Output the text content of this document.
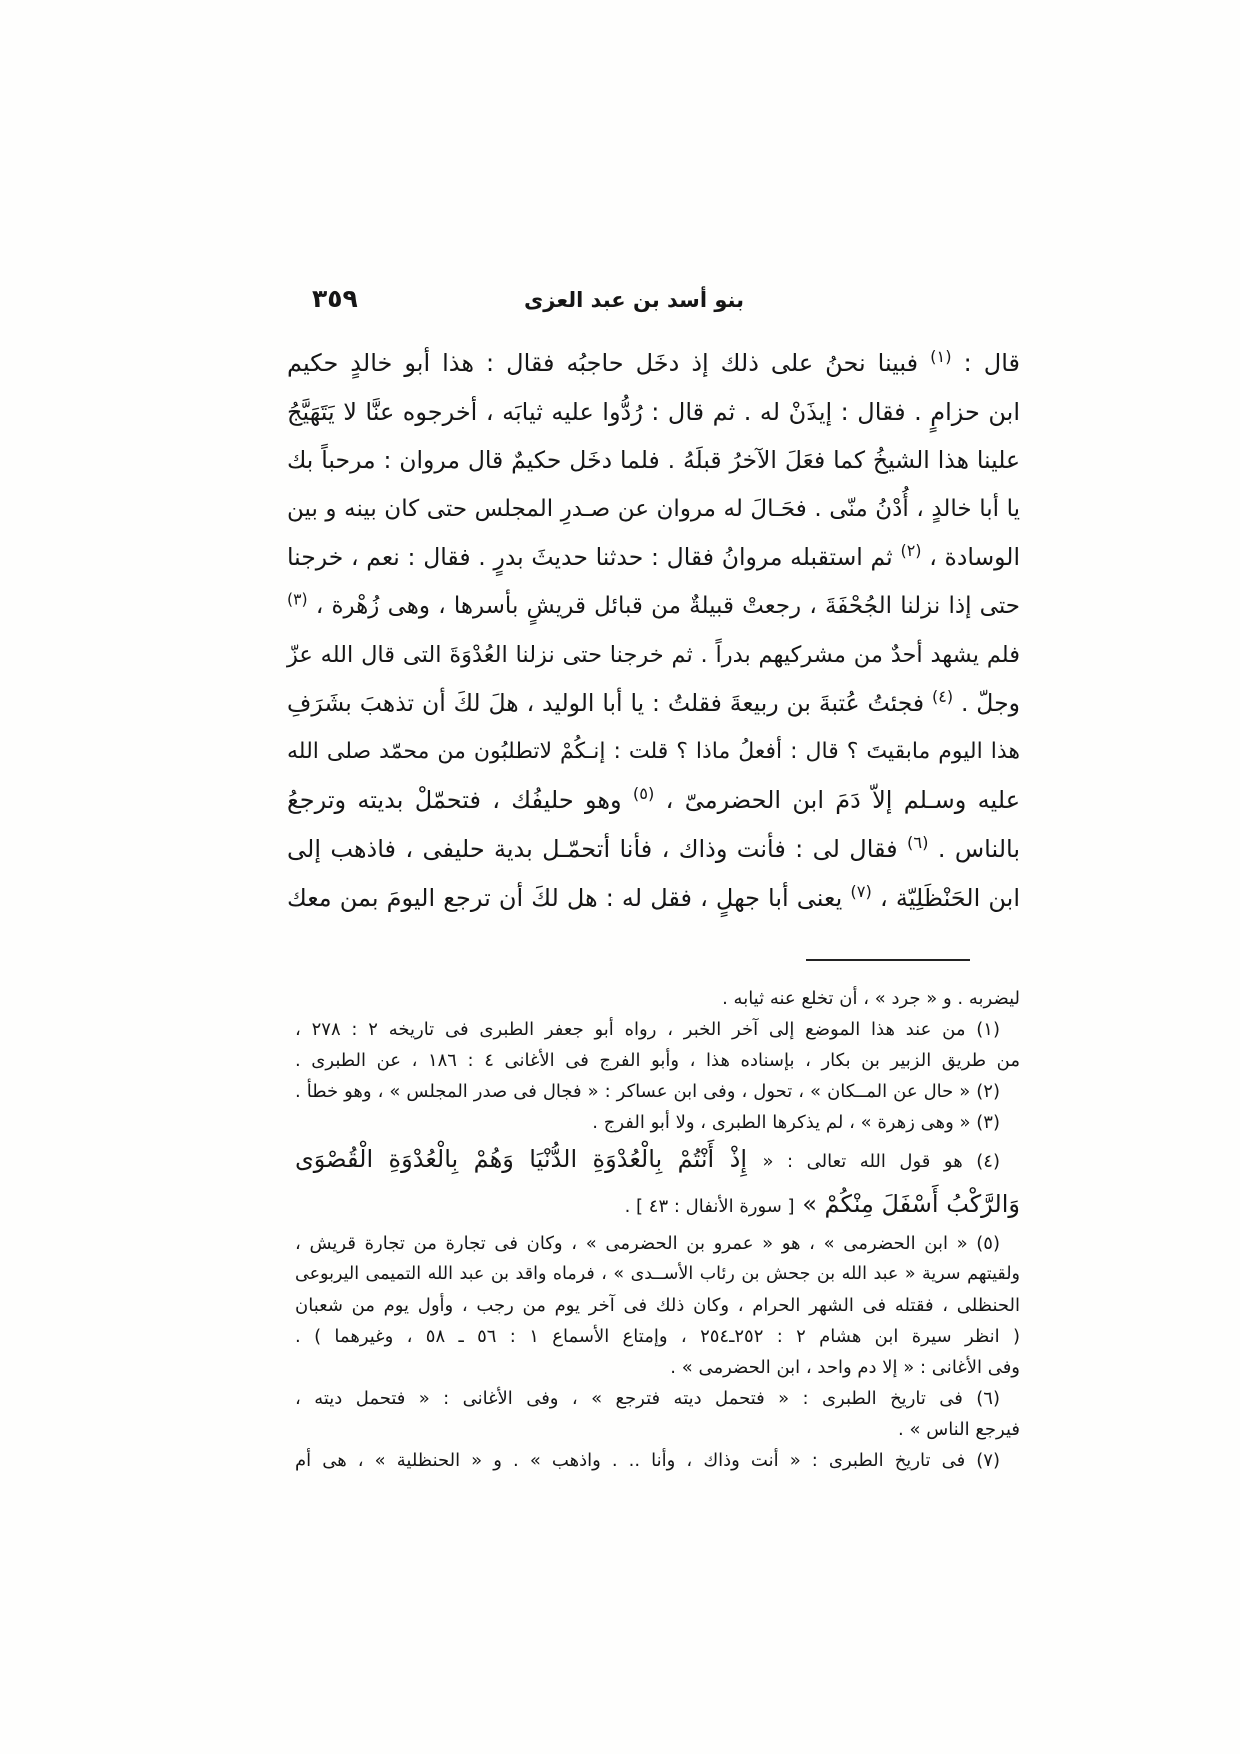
٣٥٩	بنو أسد بن عبد العزى
قال : $^{(١)}$ فبينا نحنُ على ذلك إذ دخَل حاجبُه فقال : هذا أبو خالدٍ حكيم
ابن حزامٍ . فقال : إيذَنْ له . ثم قال : رُدُّوا عليه ثيابَه ، أخرجوه عنَّا لا يَتَهَيَّجُ
علينا هذا الشيخُ كما فعَلَ الآخرُ قبلَهُ . فلما دخَل حكيمٌ قال مروان : مرحباً بك
يا أبا خالدٍ ، أُدْنُ منّى . فحَـالَ له مروان عن صـدرِ المجلس حتى كان بينه و بين
الوسادة ، $^{(٢)}$ ثم استقبله مروانُ فقال : حدثنا حديثَ بدرٍ . فقال : نعم ، خرجنا
حتى إذا نزلنا الجُحْفَةَ ، رجعتْ قبيلةٌ من قبائل قريشٍ بأسرها ، وهى زُهْرة ، $^{(٣)}$
فلم يشهد أحدٌ من مشركيهم بدراً . ثم خرجنا حتى نزلنا العُدْوَةَ التى قال الله عزّ
وجلّ . $^{(٤)}$ فجئتُ عُتبةَ بن ربيعةَ فقلتُ : يا أبا الوليد ، هلَ لكَ أن تذهبَ بشَرَفِ
هذا اليوم مابقيتَ ؟ قال : أفعلُ ماذا ؟ قلت : إنـكُمْ لاتطلبُون من محمّد صلى الله
عليه وسـلم إلاّ دَمَ ابن الحضرمىّ ، $^{(٥)}$ وهو حليفُك ، فتحمّلْ بديته وترجعُ
بالناس . $^{(٦)}$ فقال لى : فأنت وذاك ، فأنا أتحمّـل بدية حليفى ، فاذهب إلى
ابن الحَنْظَلِيّة ، $^{(٧)}$ يعنى أبا جهلٍ ، فقل له : هل لكَ أن ترجع اليومَ بمن معك
ليضربه . و « جرد » ، أن تخلع عنه ثيابه .
(١) من عند هذا الموضع إلى آخر الخبر ، رواه أبو جعفر الطبرى فى تاريخه ٢ : ٢٧٨ ،
من طريق الزبير بن بكار ، بإسناده هذا ، وأبو الفرج فى الأغانى ٤ : ١٨٦ ، عن الطبرى .
(٢) « حال عن المــكان » ، تحول ، وفى ابن عساكر : « فجال فى صدر المجلس » ، وهو خطأ .
(٣) « وهى زهرة » ، لم يذكرها الطبرى ، ولا أبو الفرج .
(٤) هو قول الله تعالى : « إِذْ أَنْتُمْ بِالْعُدْوَةِ الدُّنْيَا وَهُمْ بِالْعُدْوَةِ الْقُصْوَى
وَالرَّكْبُ أَسْفَلَ مِنْكُمْ » [ سورة الأنفال : ٤٣ ] .
(٥) « ابن الحضرمى » ، هو « عمرو بن الحضرمى » ، وكان فى تجارة من تجارة قريش ،
ولقيتهم سرية « عبد الله بن جحش بن رئاب الأســدى » ، فرماه واقد بن عبد الله التميمى اليربوعى
الحنظلى ، فقتله فى الشهر الحرام ، وكان ذلك فى آخر يوم من رجب ، وأول يوم من شعبان
( انظر سيرة ابن هشام ٢ : ٢٥٢ـ٢٥٤ ، وإمتاع الأسماع ١ : ٥٦ ـ ٥٨ ، وغيرهما ) .
وفى الأغانى : « إلا دم واحد ، ابن الحضرمى » .
(٦) فى تاريخ الطبرى : « فتحمل ديته فترجع » ، وفى الأغانى : « فتحمل ديته ،
فيرجع الناس » .
(٧) فى تاريخ الطبرى : « أنت وذاك ، وأنا .. . واذهب » . و « الحنظلية » ، هى أم
